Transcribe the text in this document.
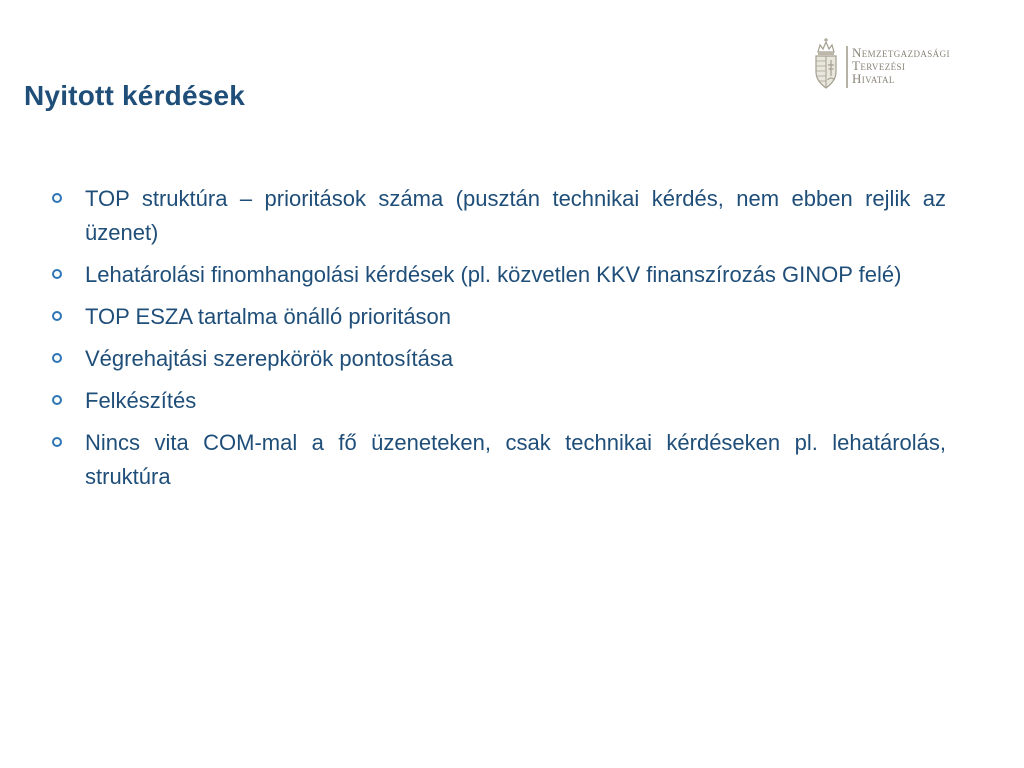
Nyitott kérdések
Nemzetgazdasági
Tervezési
Hivatal
TOP struktúra – prioritások száma (pusztán technikai kérdés, nem ebben rejlik az üzenet)
Lehatárolási finomhangolási kérdések (pl. közvetlen KKV finanszírozás GINOP felé)
TOP ESZA tartalma önálló prioritáson
Végrehajtási szerepkörök pontosítása
Felkészítés
Nincs vita COM-mal a fő üzeneteken, csak technikai kérdéseken pl. lehatárolás, struktúra
